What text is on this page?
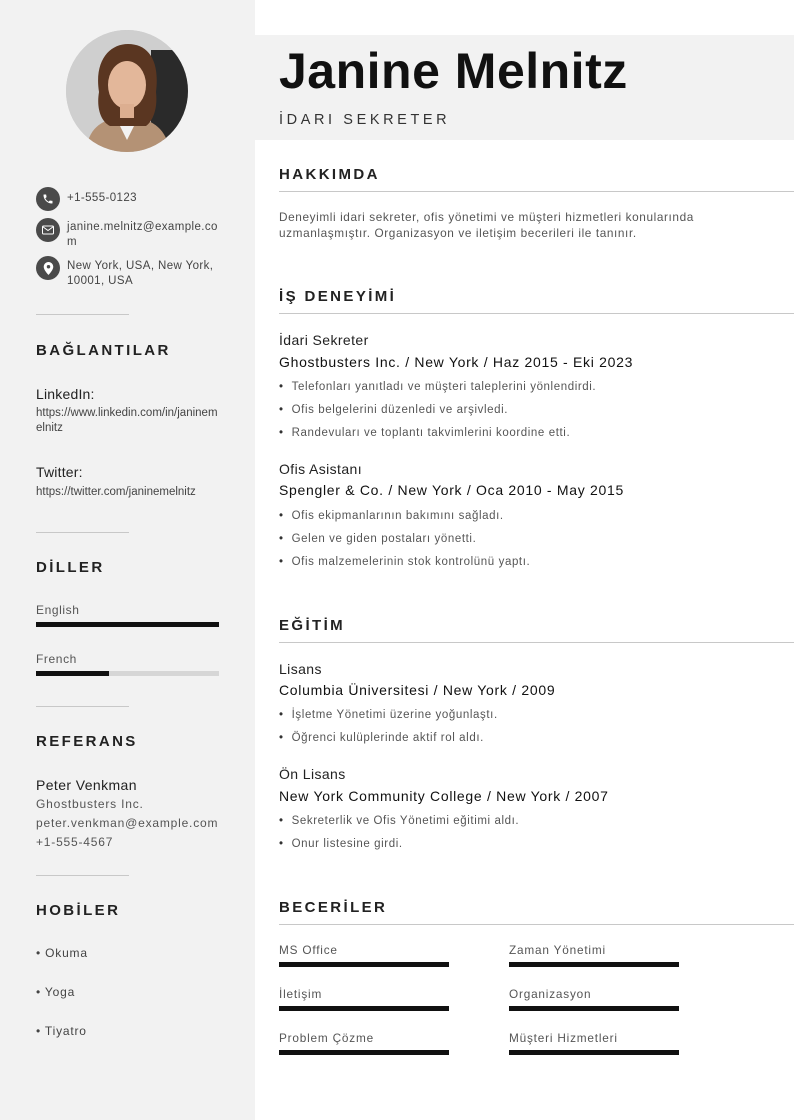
+1-555-0123
janine.melnitz@example.com
New York, USA, New York, 10001, USA
BAĞLANTILAR
LinkedIn:
https://www.linkedin.com/in/janinemelnitz
Twitter:
https://twitter.com/janinemelnitz
DİLLER
English
French
REFERANS
Peter Venkman
Ghostbusters Inc.
peter.venkman@example.com
+1-555-4567
HOBİLER
• Okuma
• Yoga
• Tiyatro
Janine Melnitz
İDARI SEKRETER
HAKKIMDA
Deneyimli idari sekreter, ofis yönetimi ve müşteri hizmetleri konularında uzmanlaşmıştır. Organizasyon ve iletişim becerileri ile tanınır.
İŞ DENEYİMİ
İdari Sekreter
Ghostbusters Inc. / New York / Haz 2015 - Eki 2023
• Telefonları yanıtladı ve müşteri taleplerini yönlendirdi.
• Ofis belgelerini düzenledi ve arşivledi.
• Randevuları ve toplantı takvimlerini koordine etti.
Ofis Asistanı
Spengler & Co. / New York / Oca 2010 - May 2015
• Ofis ekipmanlarının bakımını sağladı.
• Gelen ve giden postaları yönetti.
• Ofis malzemelerinin stok kontrolünü yaptı.
EĞİTİM
Lisans
Columbia Üniversitesi / New York / 2009
• İşletme Yönetimi üzerine yoğunlaştı.
• Öğrenci kulüplerinde aktif rol aldı.
Ön Lisans
New York Community College / New York / 2007
• Sekreterlik ve Ofis Yönetimi eğitimi aldı.
• Onur listesine girdi.
BECERİLER
MS Office	Zaman Yönetimi
İletişim	Organizasyon
Problem Çözme	Müşteri Hizmetleri
